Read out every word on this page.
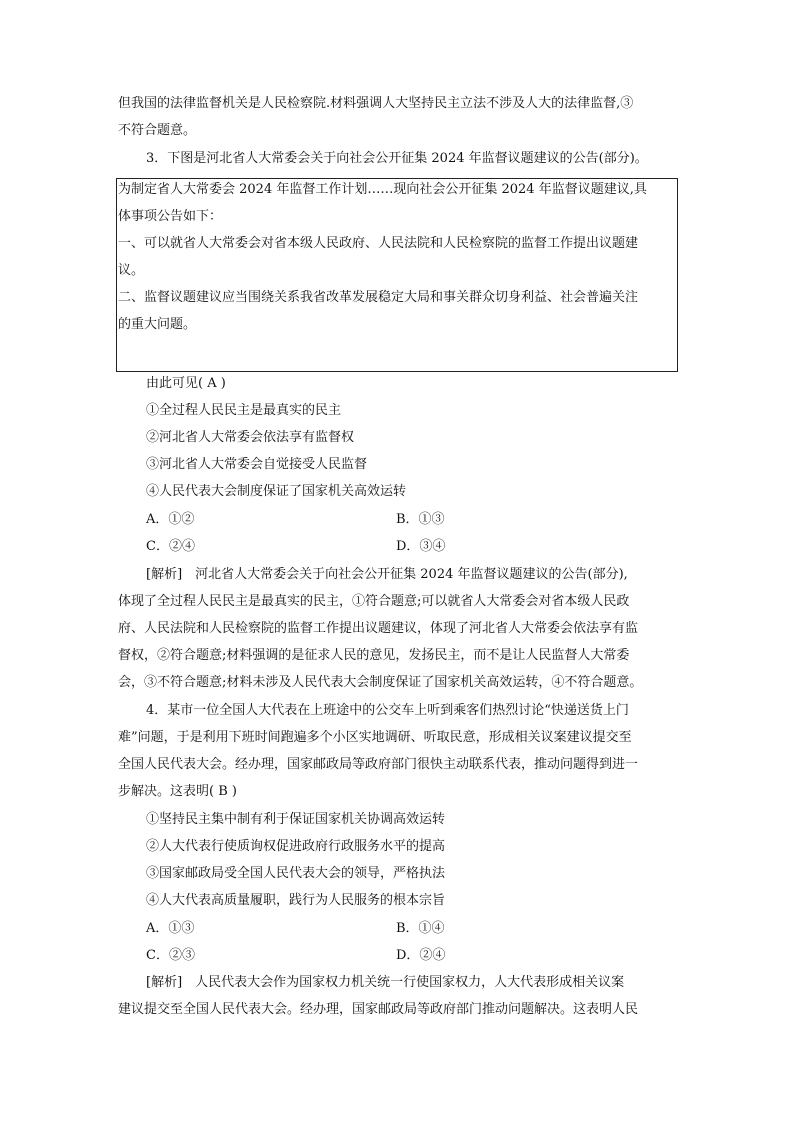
但我国的法律监督机关是人民检察院.材料强调人大坚持民主立法不涉及人大的法律监督,③
不符合题意。
3．下图是河北省人大常委会关于向社会公开征集 2024 年监督议题建议的公告(部分)。
为制定省人大常委会 2024 年监督工作计划……现向社会公开征集 2024 年监督议题建议,具
体事项公告如下：
一、可以就省人大常委会对省本级人民政府、人民法院和人民检察院的监督工作提出议题建
议。
二、监督议题建议应当围绕关系我省改革发展稳定大局和事关群众切身利益、社会普遍关注
的重大问题。
由此可见( A )
①全过程人民民主是最真实的民主
②河北省人大常委会依法享有监督权
③河北省人大常委会自觉接受人民监督
④人民代表大会制度保证了国家机关高效运转
A．①②	B．①③
C．②④	D．③④
[解析]　河北省人大常委会关于向社会公开征集 2024 年监督议题建议的公告(部分),
体现了全过程人民民主是最真实的民主，①符合题意;可以就省人大常委会对省本级人民政
府、人民法院和人民检察院的监督工作提出议题建议，体现了河北省人大常委会依法享有监
督权，②符合题意;材料强调的是征求人民的意见，发扬民主，而不是让人民监督人大常委
会，③不符合题意;材料未涉及人民代表大会制度保证了国家机关高效运转，④不符合题意。
4．某市一位全国人大代表在上班途中的公交车上听到乘客们热烈讨论“快递送货上门
难”问题，于是利用下班时间跑遍多个小区实地调研、听取民意，形成相关议案建议提交至
全国人民代表大会。经办理，国家邮政局等政府部门很快主动联系代表，推动问题得到进一
步解决。这表明( B )
①坚持民主集中制有利于保证国家机关协调高效运转
②人大代表行使质询权促进政府行政服务水平的提高
③国家邮政局受全国人民代表大会的领导，严格执法
④人大代表高质量履职，践行为人民服务的根本宗旨
A．①③	B．①④
C．②③	D．②④
[解析]　人民代表大会作为国家权力机关统一行使国家权力，人大代表形成相关议案
建议提交至全国人民代表大会。经办理，国家邮政局等政府部门推动问题解决。这表明人民
